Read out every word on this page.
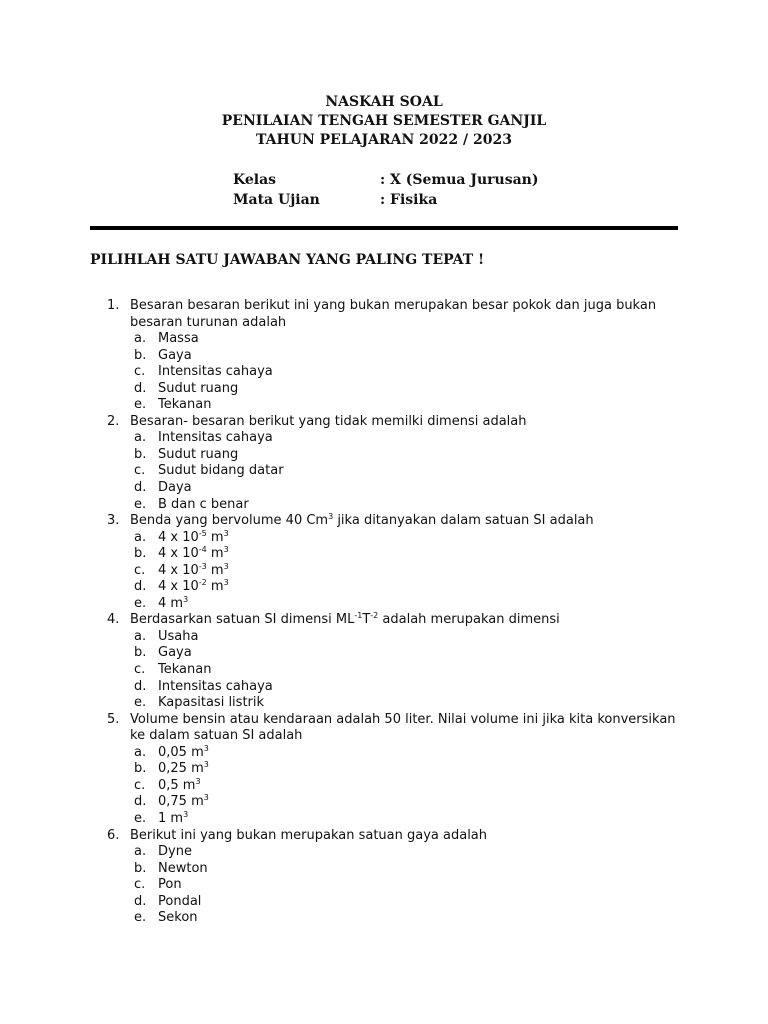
NASKAH SOAL
PENILAIAN TENGAH SEMESTER GANJIL
TAHUN PELAJARAN 2022 / 2023
Kelas	: X (Semua Jurusan)
Mata Ujian	: Fisika
PILIHLAH SATU JAWABAN YANG PALING TEPAT !
1. Besaran besaran berikut ini yang bukan merupakan besar pokok dan juga bukan besaran turunan adalah
a. Massa
b. Gaya
c. Intensitas cahaya
d. Sudut ruang
e. Tekanan
2. Besaran- besaran berikut yang tidak memilki dimensi adalah
a. Intensitas cahaya
b. Sudut ruang
c. Sudut bidang datar
d. Daya
e. B dan c benar
3. Benda yang bervolume 40 Cm$^3$ jika ditanyakan dalam satuan SI adalah
a. 4 x $10^{-5}$ $m^3$
b. 4 x $10^{-4}$ $m^3$
c. 4 x $10^{-3}$ $m^3$
d. 4 x $10^{-2}$ $m^3$
e. 4 $m^3$
4. Berdasarkan satuan SI dimensi $ML^{-1}T^{-2}$ adalah merupakan dimensi
a. Usaha
b. Gaya
c. Tekanan
d. Intensitas cahaya
e. Kapasitasi listrik
5. Volume bensin atau kendaraan adalah 50 liter. Nilai volume ini jika kita konversikan ke dalam satuan SI adalah
a. 0,05 $m^3$
b. 0,25 $m^3$
c. 0,5 $m^3$
d. 0,75 $m^3$
e. 1 $m^3$
6. Berikut ini yang bukan merupakan satuan gaya adalah
a. Dyne
b. Newton
c. Pon
d. Pondal
e. Sekon
